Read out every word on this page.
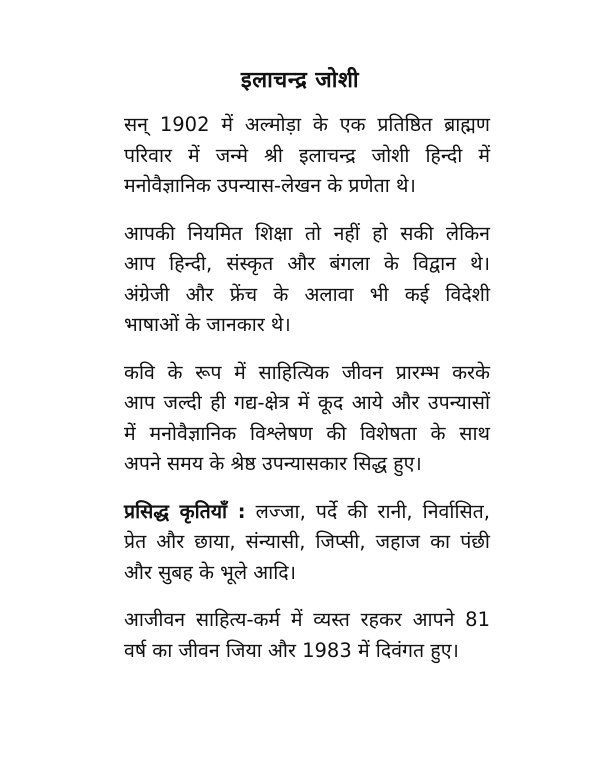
इलाचन्द्र जोशी

सन् 1902 में अल्मोड़ा के एक प्रतिष्ठित ब्राह्मण
परिवार में जन्मे श्री इलाचन्द्र जोशी हिन्दी में
मनोवैज्ञानिक उपन्यास-लेखन के प्रणेता थे।

आपकी नियमित शिक्षा तो नहीं हो सकी लेकिन
आप हिन्दी, संस्कृत और बंगला के विद्वान थे।
अंग्रेजी और फ्रेंच के अलावा भी कई विदेशी
भाषाओं के जानकार थे।

कवि के रूप में साहित्यिक जीवन प्रारम्भ करके
आप जल्दी ही गद्य-क्षेत्र में कूद आये और उपन्यासों
में मनोवैज्ञानिक विश्लेषण की विशेषता के साथ
अपने समय के श्रेष्ठ उपन्यासकार सिद्ध हुए।

प्रसिद्ध कृतियाँ : लज्जा, पर्दे की रानी, निर्वासित,
प्रेत और छाया, संन्यासी, जिप्सी, जहाज का पंछी
और सुबह के भूले आदि।

आजीवन साहित्य-कर्म में व्यस्त रहकर आपने 81
वर्ष का जीवन जिया और 1983 में दिवंगत हुए।
